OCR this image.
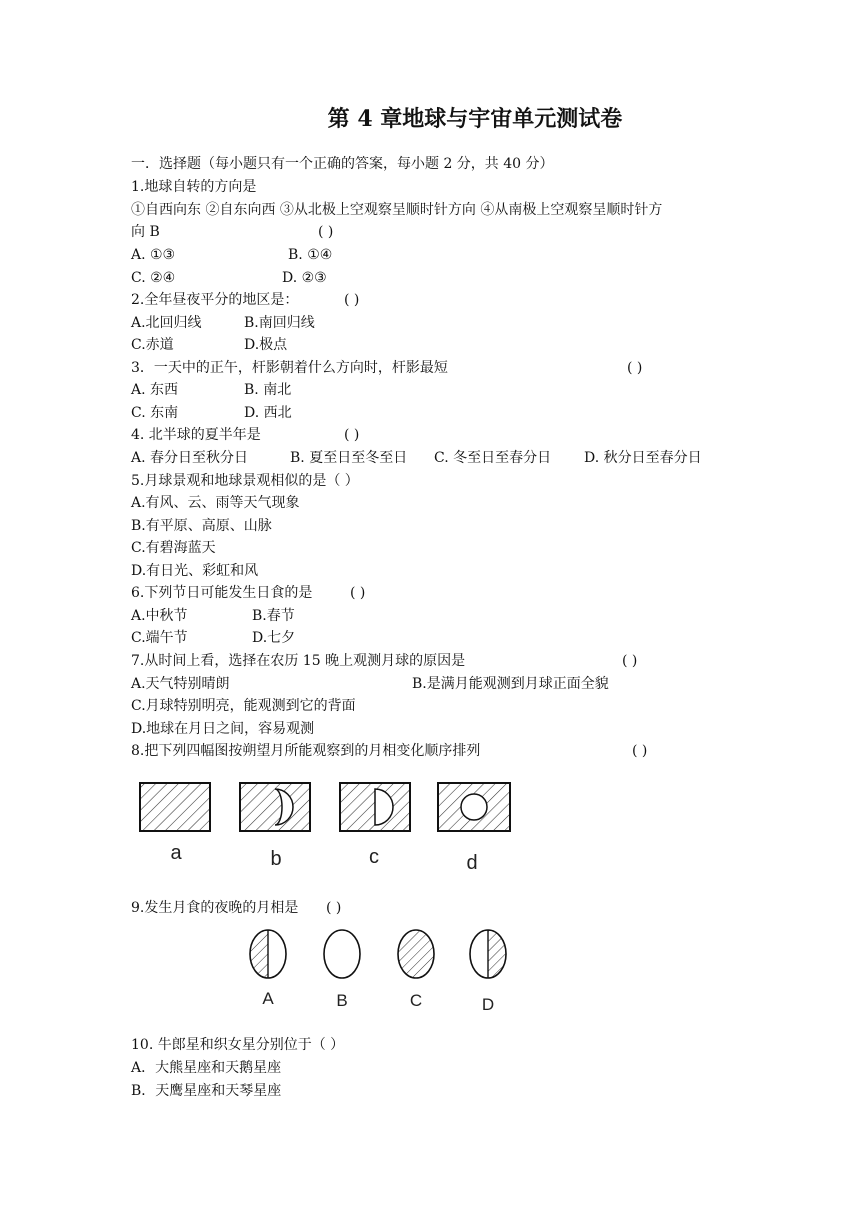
第 4 章地球与宇宙单元测试卷
一．选择题（每小题只有一个正确的答案，每小题 2 分，共 40 分）
1.地球自转的方向是
①自西向东 ②自东向西 ③从北极上空观察呈顺时针方向 ④从南极上空观察呈顺时针方
向 B	( )
A. ①③	B. ①④
C. ②④	D. ②③
2.全年昼夜平分的地区是：	( )
A.北回归线	B.南回归线
C.赤道	D.极点
3．一天中的正午，杆影朝着什么方向时，杆影最短	( )
A. 东西	B. 南北
C. 东南	D. 西北
4. 北半球的夏半年是	( )
A. 春分日至秋分日	B. 夏至日至冬至日 C. 冬至日至春分日 D. 秋分日至春分日
5.月球景观和地球景观相似的是（ ）
A.有风、云、雨等天气现象
B.有平原、高原、山脉
C.有碧海蓝天
D.有日光、彩虹和风
6.下列节日可能发生日食的是	( )
A.中秋节	B.春节
C.端午节	D.七夕
7.从时间上看，选择在农历 15 晚上观测月球的原因是	( )
A.天气特别晴朗	B.是满月能观测到月球正面全貌
C.月球特别明亮，能观测到它的背面
D.地球在月日之间，容易观测
8.把下列四幅图按朔望月所能观察到的月相变化顺序排列	( )
a	b	c	d
9.发生月食的夜晚的月相是 ( )
A	B	C	D
10. 牛郎星和织女星分别位于（ ）
A．大熊星座和天鹅星座
B．天鹰星座和天琴星座
